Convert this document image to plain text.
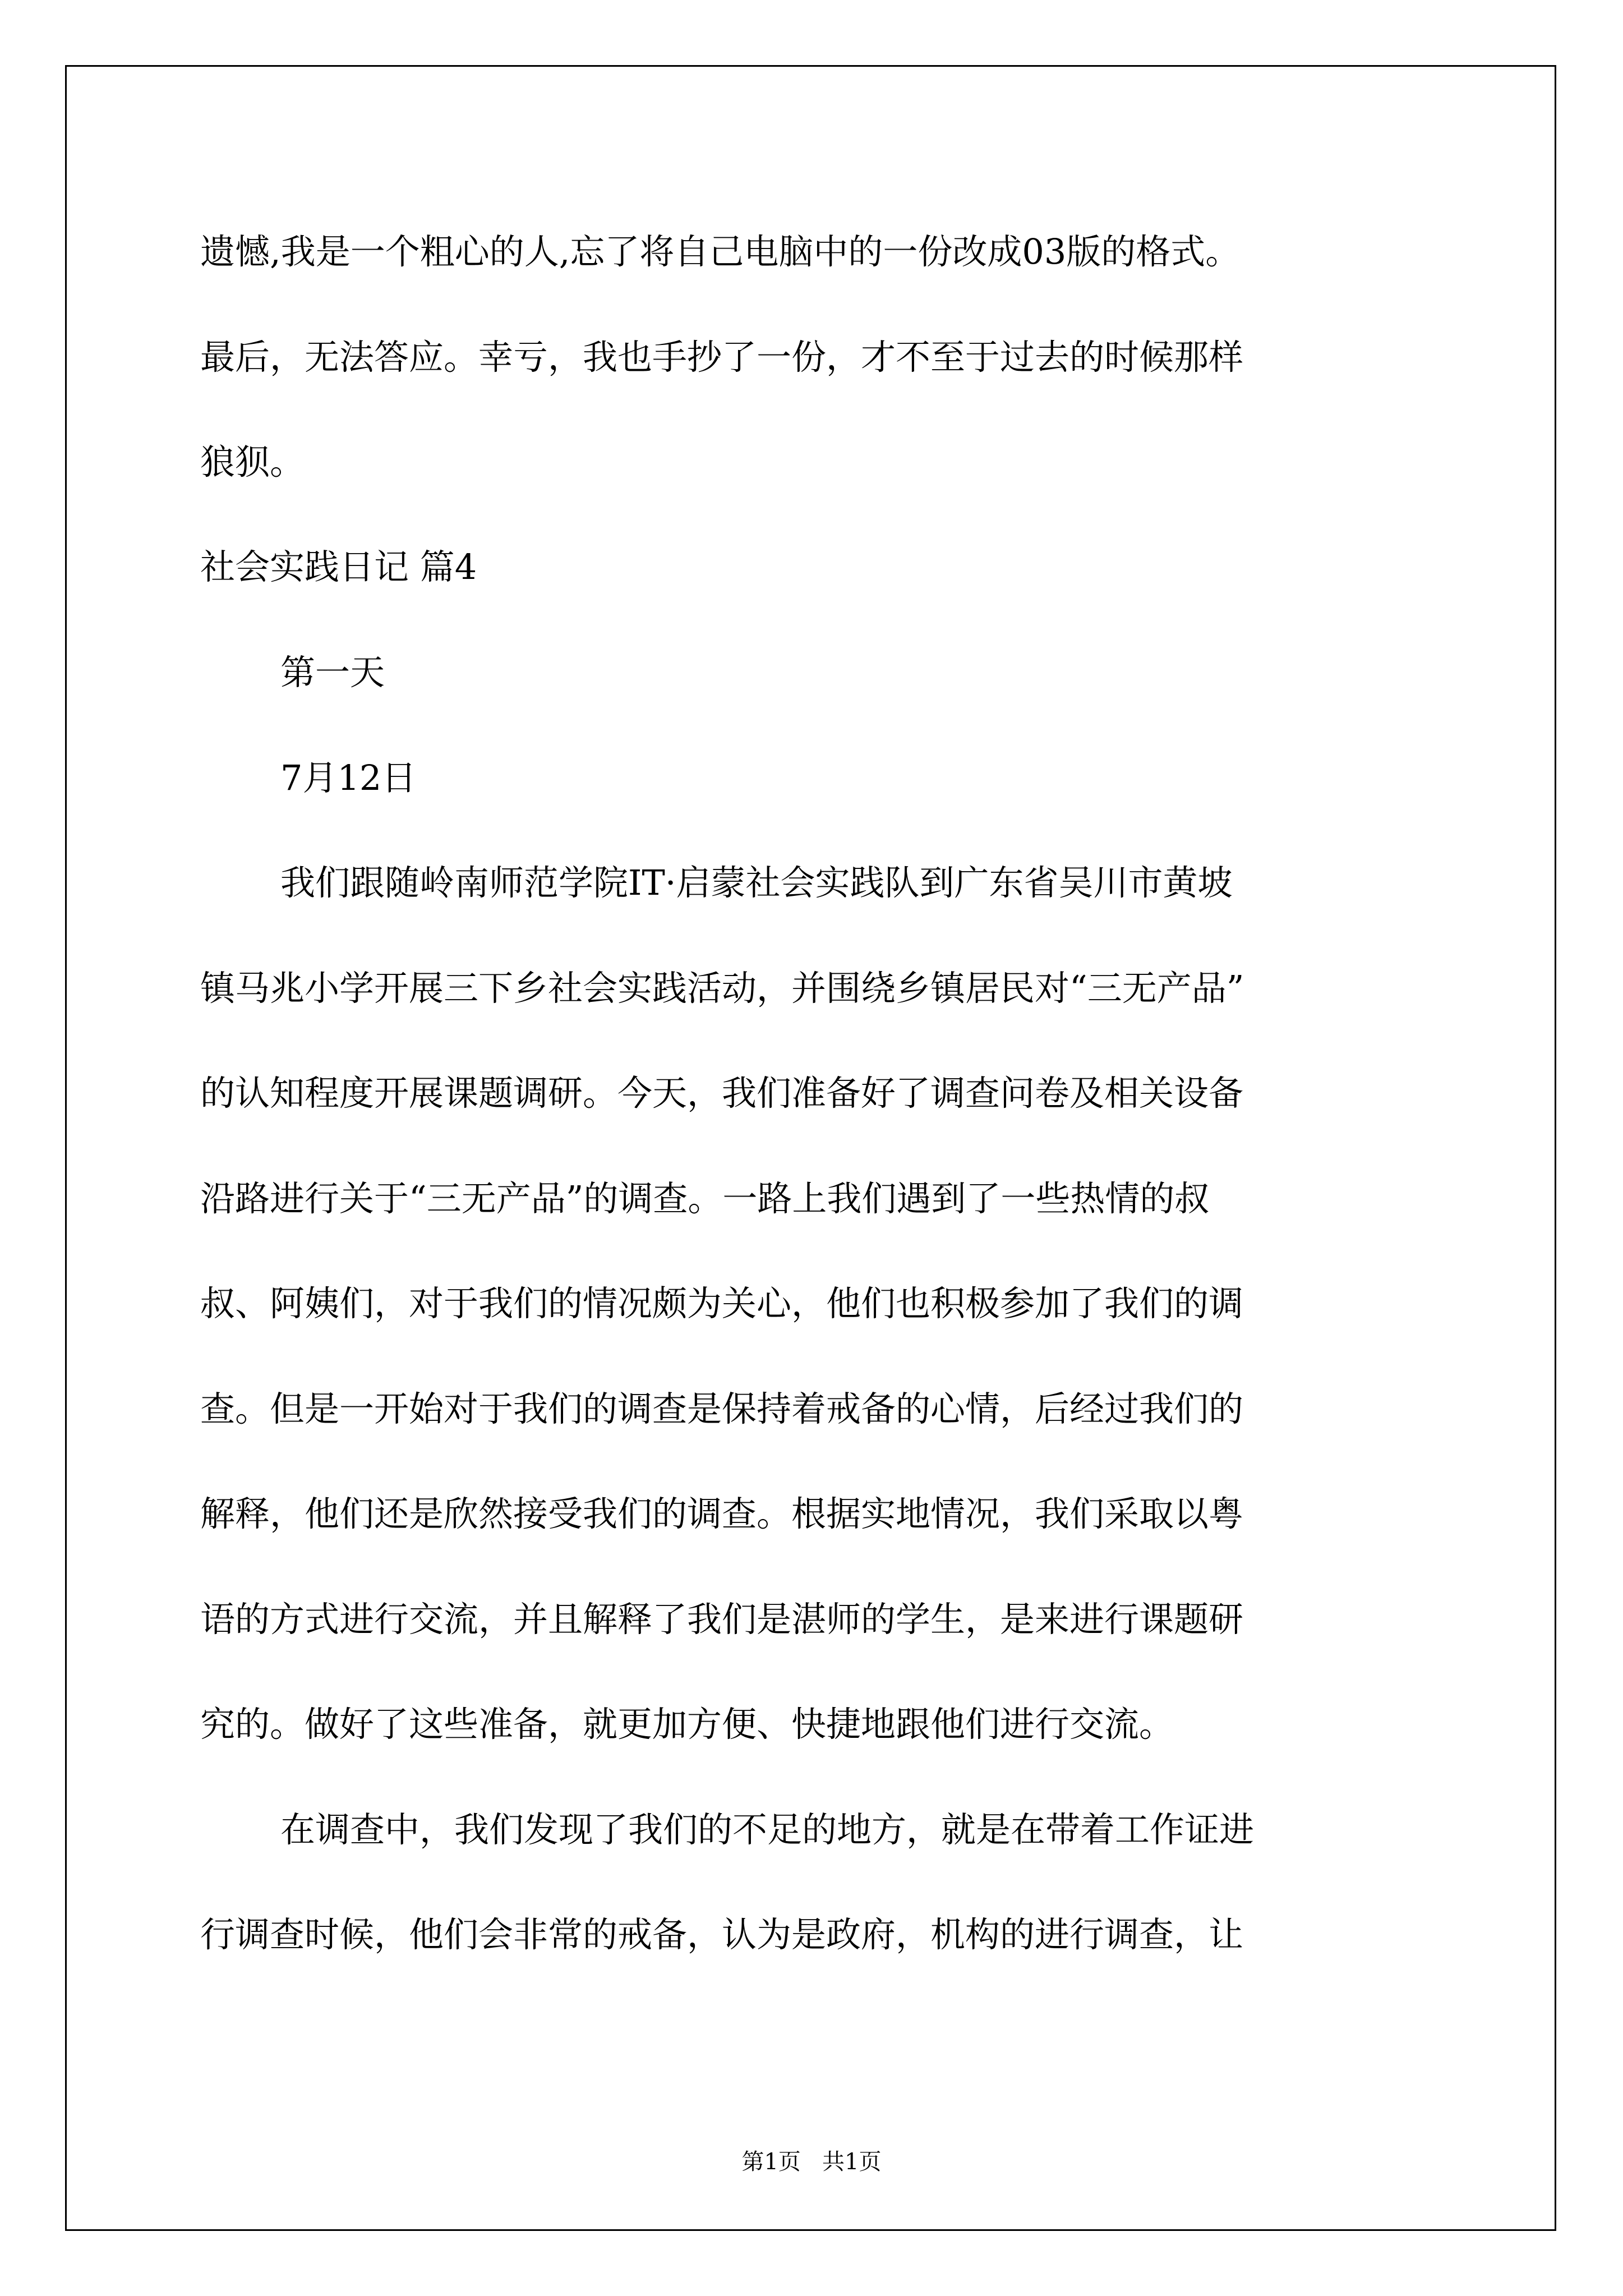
遗憾,我是一个粗心的人,忘了将自己电脑中的一份改成03版的格式。

最后，无法答应。幸亏，我也手抄了一份，才不至于过去的时候那样

狼狈。

社会实践日记 篇4

第一天

7月12日

我们跟随岭南师范学院IT·启蒙社会实践队到广东省吴川市黄坡

镇马兆小学开展三下乡社会实践活动，并围绕乡镇居民对“三无产品”

的认知程度开展课题调研。今天，我们准备好了调查问卷及相关设备

沿路进行关于“三无产品”的调查。一路上我们遇到了一些热情的叔

叔、阿姨们，对于我们的情况颇为关心，他们也积极参加了我们的调

查。但是一开始对于我们的调查是保持着戒备的心情，后经过我们的

解释，他们还是欣然接受我们的调查。根据实地情况，我们采取以粤

语的方式进行交流，并且解释了我们是湛师的学生，是来进行课题研

究的。做好了这些准备，就更加方便、快捷地跟他们进行交流。

在调查中，我们发现了我们的不足的地方，就是在带着工作证进

行调查时候，他们会非常的戒备，认为是政府，机构的进行调查，让

第1页   共1页
